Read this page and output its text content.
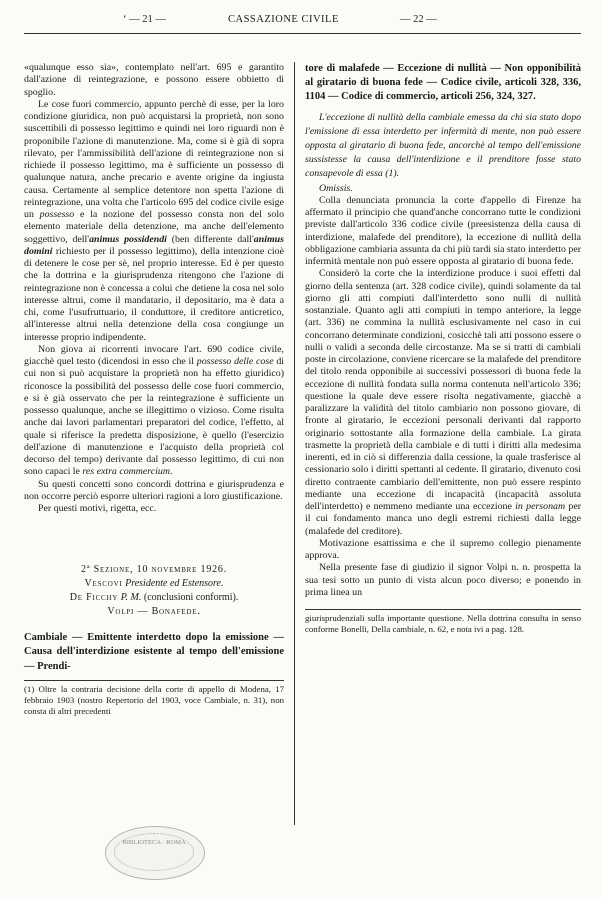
‘ — 21 —	CASSAZIONE CIVILE	— 22 —

«qualunque esso sia», contemplato nell'art. 695 e garantito dall'azione di reintegrazione, e possono essere obbietto di spoglio.

Le cose fuori commercio, appunto perchè di esse, per la loro condizione giuridica, non può acquistarsi la proprietà, non sono suscettibili di possesso legittimo e quindi nei loro riguardi non è proponibile l'azione di manutenzione. Ma, come si è già di sopra rilevato, per l'ammissibilità dell'azione di reintegrazione non si richiede il possesso legittimo, ma è sufficiente un possesso di qualunque natura, anche precario e avente origine da ingiusta causa. Certamente al semplice detentore non spetta l'azione di reintegrazione, una volta che l'articolo 695 del codice civile esige un possesso e la nozione del possesso consta non del solo elemento materiale della detenzione, ma anche dell'elemento soggettivo, dell'animus possidendi (ben differente dall'animus domini richiesto per il possesso legittimo), della intenzione cioè di detenere le cose per sè, nel proprio interesse. Ed è per questo che la dottrina e la giurisprudenza ritengono che l'azione di reintegrazione non è concessa a colui che detiene la cosa nel solo interesse altrui, come il mandatario, il depositario, ma è data a chi, come l'usufruttuario, il conduttore, il creditore anticretico, all'interesse altrui nella detenzione della cosa congiunge un interesse proprio indipendente.

Non giova ai ricorrenti invocare l'art. 690 codice civile, giacchè quel testo (dicendosi in esso che il possesso delle cose di cui non si può acquistare la proprietà non ha effetto giuridico) riconosce la possibilità del possesso delle cose fuori commercio, e si è già osservato che per la reintegrazione è sufficiente un possesso qualunque, anche se illegittimo o vizioso. Come risulta anche dai lavori parlamentari preparatori del codice, l'effetto, al quale si riferisce la predetta disposizione, è quello (l'esercizio dell'azione di manutenzione e l'acquisto della proprietà col decorso del tempo) derivante dal possesso legittimo, di cui non sono capaci le res extra commercium.

Su questi concetti sono concordi dottrina e giurisprudenza e non occorre perciò esporre ulteriori ragioni a loro giustificazione.

Per questi motivi, rigetta, ecc.

2ª Sezione, 10 novembre 1926.
Vescovi Presidente ed Estensore.
De Ficchy P. M. (conclusioni conformi).
Volpi — Bonafede.
Cambiale — Emittente interdetto dopo la emissione — Causa dell'interdizione esistente al tempo dell'emissione — Prendi-
(1) Oltre la contraria decisione della corte di appello di Modena, 17 febbraio 1903 (nostro Repertorio del 1903, voce Cambiale, n. 31), non consta di altri precedenti
tore di malafede — Eccezione di nullità — Non opponibilità al giratario di buona fede — Codice civile, articoli 328, 336, 1104 — Codice di commercio, articoli 256, 324, 327.
L'eccezione di nullità della cambiale emessa da chi sia stato dopo l'emissione di essa interdetto per infermità di mente, non può essere opposta al giratario di buona fede, ancorchè al tempo dell'emissione sussistesse la causa dell'interdizione e il prenditore fosse stato consapevole di essa (1).
Omissis.

Colla denunciata pronuncia la corte d'appello di Firenze ha affermato il principio che quand'anche concorrano tutte le condizioni previste dall'articolo 336 codice civile (preesistenza della causa di interdizione, malafede del prenditore), la eccezione di nullità della obbligazione cambiaria assunta da chi più tardi sia stato interdetto per infermità mentale non può essere opposta al giratario di buona fede.

Considerò la corte che la interdizione produce i suoi effetti dal giorno della sentenza (art. 328 codice civile), quindi solamente da tal giorno gli atti compiuti dall'interdetto sono nulli di nullità sostanziale. Quanto agli atti compiuti in tempo anteriore, la legge (art. 336) ne commina la nullità esclusivamente nel caso in cui concorrano determinate condizioni, cosicchè tali atti possono essere o nulli o validi a seconda delle circostanze. Ma se si tratti di cambiali poste in circolazione, conviene ricercare se la malafede del prenditore del titolo renda opponibile ai successivi possessori di buona fede la eccezione di nullità fondata sulla norma contenuta nell'articolo 336; questione la quale deve essere risolta negativamente, giacchè a paralizzare la validità del titolo cambiario non possono giovare, di fronte al giratario, le eccezioni personali derivanti dal rapporto originario sottostante alla formazione della cambiale. La girata trasmette la proprietà della cambiale e di tutti i diritti alla medesima inerenti, ed in ciò si differenzia dalla cessione, la quale trasferisce al cessionario solo i diritti spettanti al cedente. Il giratario, divenuto così diretto contraente cambiario dell'emittente, non può essere respinto mediante una eccezione di incapacità (incapacità assoluta dell'interdetto) e nemmeno mediante una eccezione in personam per il cui fondamento manca uno degli estremi richiesti dalla legge (malafede del creditore).

Motivazione esattissima e che il supremo collegio pienamente approva.

Nella presente fase di giudizio il signor Volpi n. n. prospetta la sua tesi sotto un punto di vista alcun poco diverso; e ponendo in prima linea un

giurisprudenziali sulla importante questione. Nella dottrina consulta in senso conforme Bonelli, Della cambiale, n. 62, e nota ivi a pag. 128.
BIBLIOTECA · ROMA
